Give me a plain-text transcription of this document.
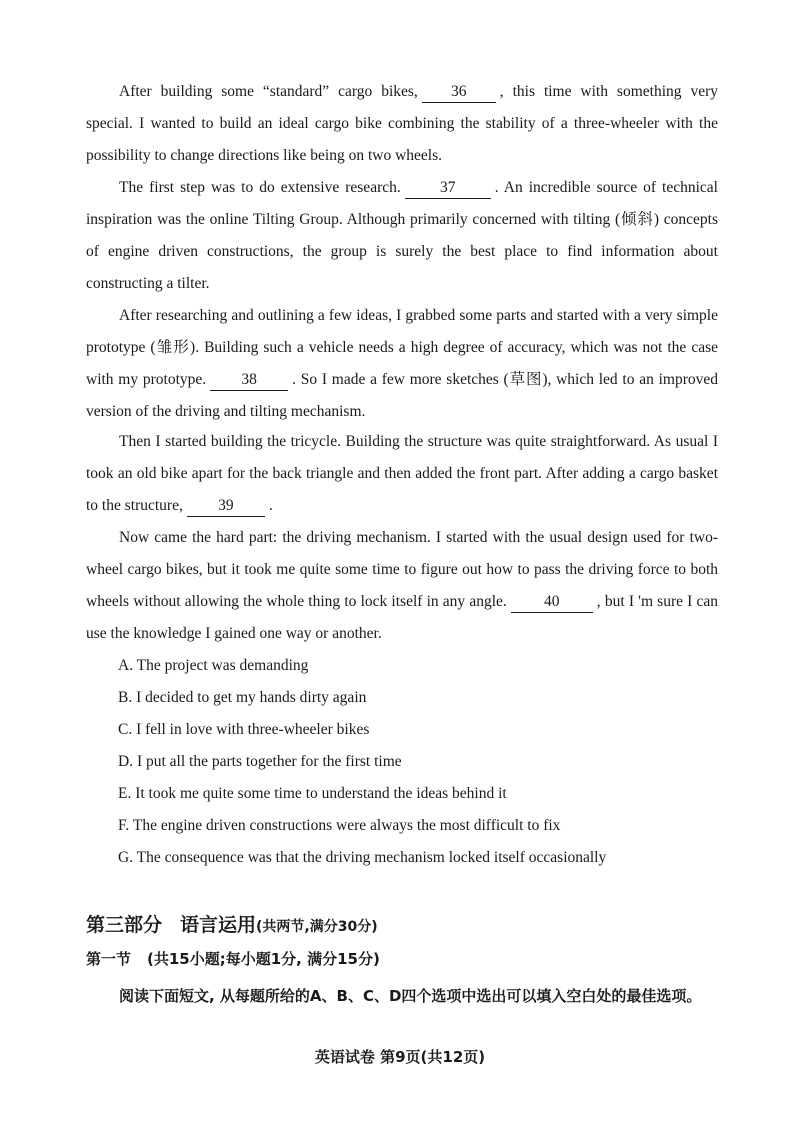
After building some “standard” cargo bikes, 36 , this time with something very special. I wanted to build an ideal cargo bike combining the stability of a three-wheeler with the possibility to change directions like being on two wheels.

The first step was to do extensive research.	37	. An incredible source of technical inspiration was the online Tilting Group. Although primarily concerned with tilting (倾斜) concepts of engine driven constructions, the group is surely the best place to find information about constructing a tilter.

After researching and outlining a few ideas, I grabbed some parts and started with a very simple prototype (雏形). Building such a vehicle needs a high degree of accuracy, which was not the case with my prototype. 38 . So I made a few more sketches (草图), which led to an improved version of the driving and tilting mechanism.

Then I started building the tricycle. Building the structure was quite straightforward. As usual I took an old bike apart for the back triangle and then added the front part. After adding a cargo basket to the structure, 39 .

Now came the hard part: the driving mechanism. I started with the usual design used for two-wheel cargo bikes, but it took me quite some time to figure out how to pass the driving force to both wheels without allowing the whole thing to lock itself in any angle. 40 , but I 'm sure I can use the knowledge I gained one way or another.

A. The project was demanding
B. I decided to get my hands dirty again
C. I fell in love with three-wheeler bikes
D. I put all the parts together for the first time
E. It took me quite some time to understand the ideas behind it
F. The engine driven constructions were always the most difficult to fix
G. The consequence was that the driving mechanism locked itself occasionally
第三部分 语言运用(共两节,满分30分)
第一节 (共15小题;每小题1分, 满分15分)

阅读下面短文, 从每题所给的A、B、C、D四个选项中选出可以填入空白处的最佳选项。

英语试卷 第9页(共12页)
